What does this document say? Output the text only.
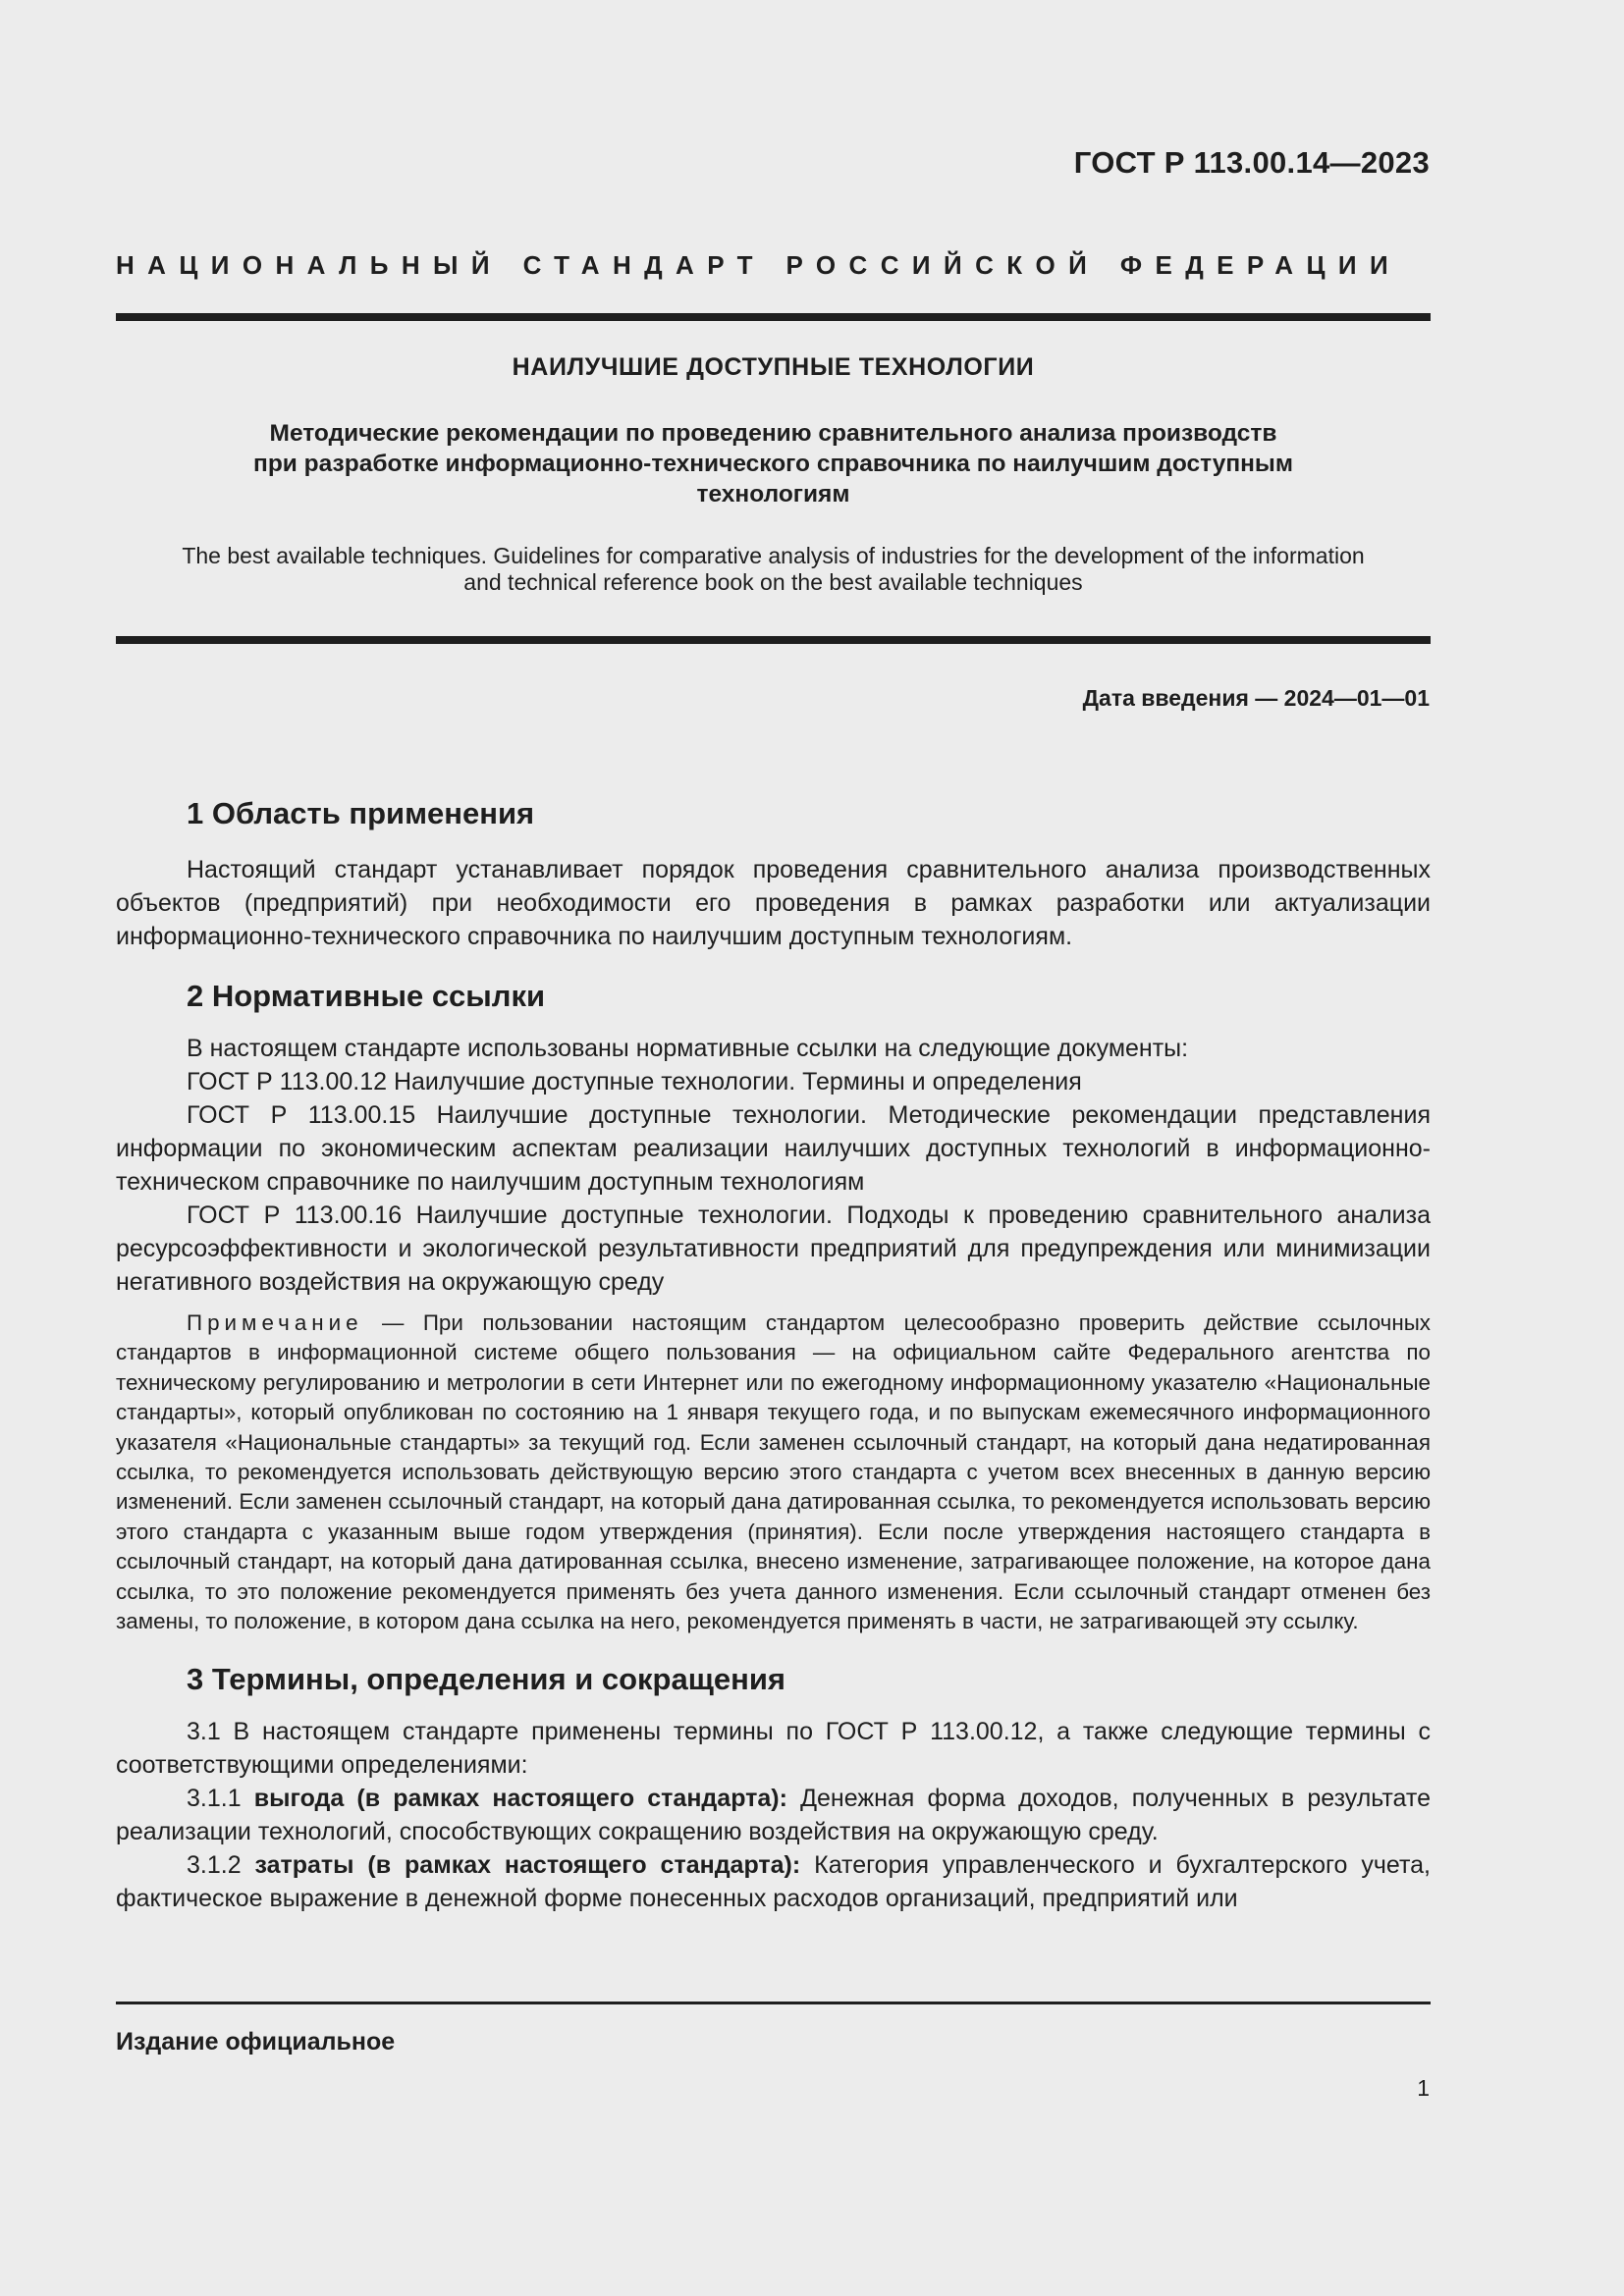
ГОСТ Р 113.00.14—2023
НАЦИОНАЛЬНЫЙ СТАНДАРТ РОССИЙСКОЙ ФЕДЕРАЦИИ
НАИЛУЧШИЕ ДОСТУПНЫЕ ТЕХНОЛОГИИ
Методические рекомендации по проведению сравнительного анализа производств
при разработке информационно-технического справочника по наилучшим доступным
технологиям
The best available techniques. Guidelines for comparative analysis of industries for the development of the information
and technical reference book on the best available techniques
Дата введения — 2024—01—01
1 Область применения

Настоящий стандарт устанавливает порядок проведения сравнительного анализа производственных объектов (предприятий) при необходимости его проведения в рамках разработки или актуализации информационно-технического справочника по наилучшим доступным технологиям.

2 Нормативные ссылки

В настоящем стандарте использованы нормативные ссылки на следующие документы:

ГОСТ Р 113.00.12 Наилучшие доступные технологии. Термины и определения

ГОСТ Р 113.00.15 Наилучшие доступные технологии. Методические рекомендации представления информации по экономическим аспектам реализации наилучших доступных технологий в информационно-техническом справочнике по наилучшим доступным технологиям

ГОСТ Р 113.00.16 Наилучшие доступные технологии. Подходы к проведению сравнительного анализа ресурсоэффективности и экологической результативности предприятий для предупреждения или минимизации негативного воздействия на окружающую среду

Примечание — При пользовании настоящим стандартом целесообразно проверить действие ссылочных стандартов в информационной системе общего пользования — на официальном сайте Федерального агентства по техническому регулированию и метрологии в сети Интернет или по ежегодному информационному указателю «Национальные стандарты», который опубликован по состоянию на 1 января текущего года, и по выпускам ежемесячного информационного указателя «Национальные стандарты» за текущий год. Если заменен ссылочный стандарт, на который дана недатированная ссылка, то рекомендуется использовать действующую версию этого стандарта с учетом всех внесенных в данную версию изменений. Если заменен ссылочный стандарт, на который дана датированная ссылка, то рекомендуется использовать версию этого стандарта с указанным выше годом утверждения (принятия). Если после утверждения настоящего стандарта в ссылочный стандарт, на который дана датированная ссылка, внесено изменение, затрагивающее положение, на которое дана ссылка, то это положение рекомендуется применять без учета данного изменения. Если ссылочный стандарт отменен без замены, то положение, в котором дана ссылка на него, рекомендуется применять в части, не затрагивающей эту ссылку.

3 Термины, определения и сокращения

3.1 В настоящем стандарте применены термины по ГОСТ Р 113.00.12, а также следующие термины с соответствующими определениями:

3.1.1 выгода (в рамках настоящего стандарта): Денежная форма доходов, полученных в результате реализации технологий, способствующих сокращению воздействия на окружающую среду.

3.1.2 затраты (в рамках настоящего стандарта): Категория управленческого и бухгалтерского учета, фактическое выражение в денежной форме понесенных расходов организаций, предприятий или

Издание официальное
1
